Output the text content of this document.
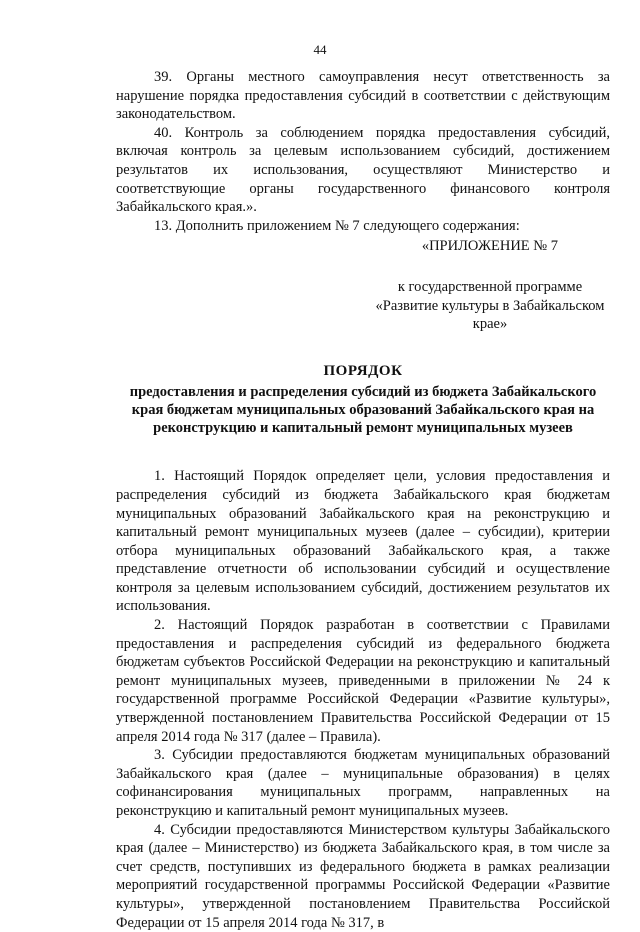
44

39. Органы местного самоуправления несут ответственность за нарушение порядка предоставления субсидий в соответствии с действующим законодательством.

40. Контроль за соблюдением порядка предоставления субсидий, включая контроль за целевым использованием субсидий, достижением результатов их использования, осуществляют Министерство и соответствующие органы государственного финансового контроля Забайкальского края.».

13. Дополнить приложением № 7 следующего содержания:

«ПРИЛОЖЕНИЕ № 7
к государственной программе
«Развитие культуры в Забайкальском
крае»
ПОРЯДОК
предоставления и распределения субсидий из бюджета Забайкальского края бюджетам муниципальных образований Забайкальского края на реконструкцию и капитальный ремонт муниципальных музеев

1. Настоящий Порядок определяет цели, условия предоставления и распределения субсидий из бюджета Забайкальского края бюджетам муниципальных образований Забайкальского края на реконструкцию и капитальный ремонт муниципальных музеев (далее – субсидии), критерии отбора муниципальных образований Забайкальского края, а также представление отчетности об использовании субсидий и осуществление контроля за целевым использованием субсидий, достижением результатов их использования.

2. Настоящий Порядок разработан в соответствии с Правилами предоставления и распределения субсидий из федерального бюджета бюджетам субъектов Российской Федерации на реконструкцию и капитальный ремонт муниципальных музеев, приведенными в приложении № 24 к государственной программе Российской Федерации «Развитие культуры», утвержденной постановлением Правительства Российской Федерации от 15 апреля 2014 года № 317 (далее – Правила).

3. Субсидии предоставляются бюджетам муниципальных образований Забайкальского края (далее – муниципальные образования) в целях софинансирования муниципальных программ, направленных на реконструкцию и капитальный ремонт муниципальных музеев.

4. Субсидии предоставляются Министерством культуры Забайкальского края (далее – Министерство) из бюджета Забайкальского края, в том числе за счет средств, поступивших из федерального бюджета в рамках реализации мероприятий государственной программы Российской Федерации «Развитие культуры», утвержденной постановлением Правительства Российской Федерации от 15 апреля 2014 года № 317, в
